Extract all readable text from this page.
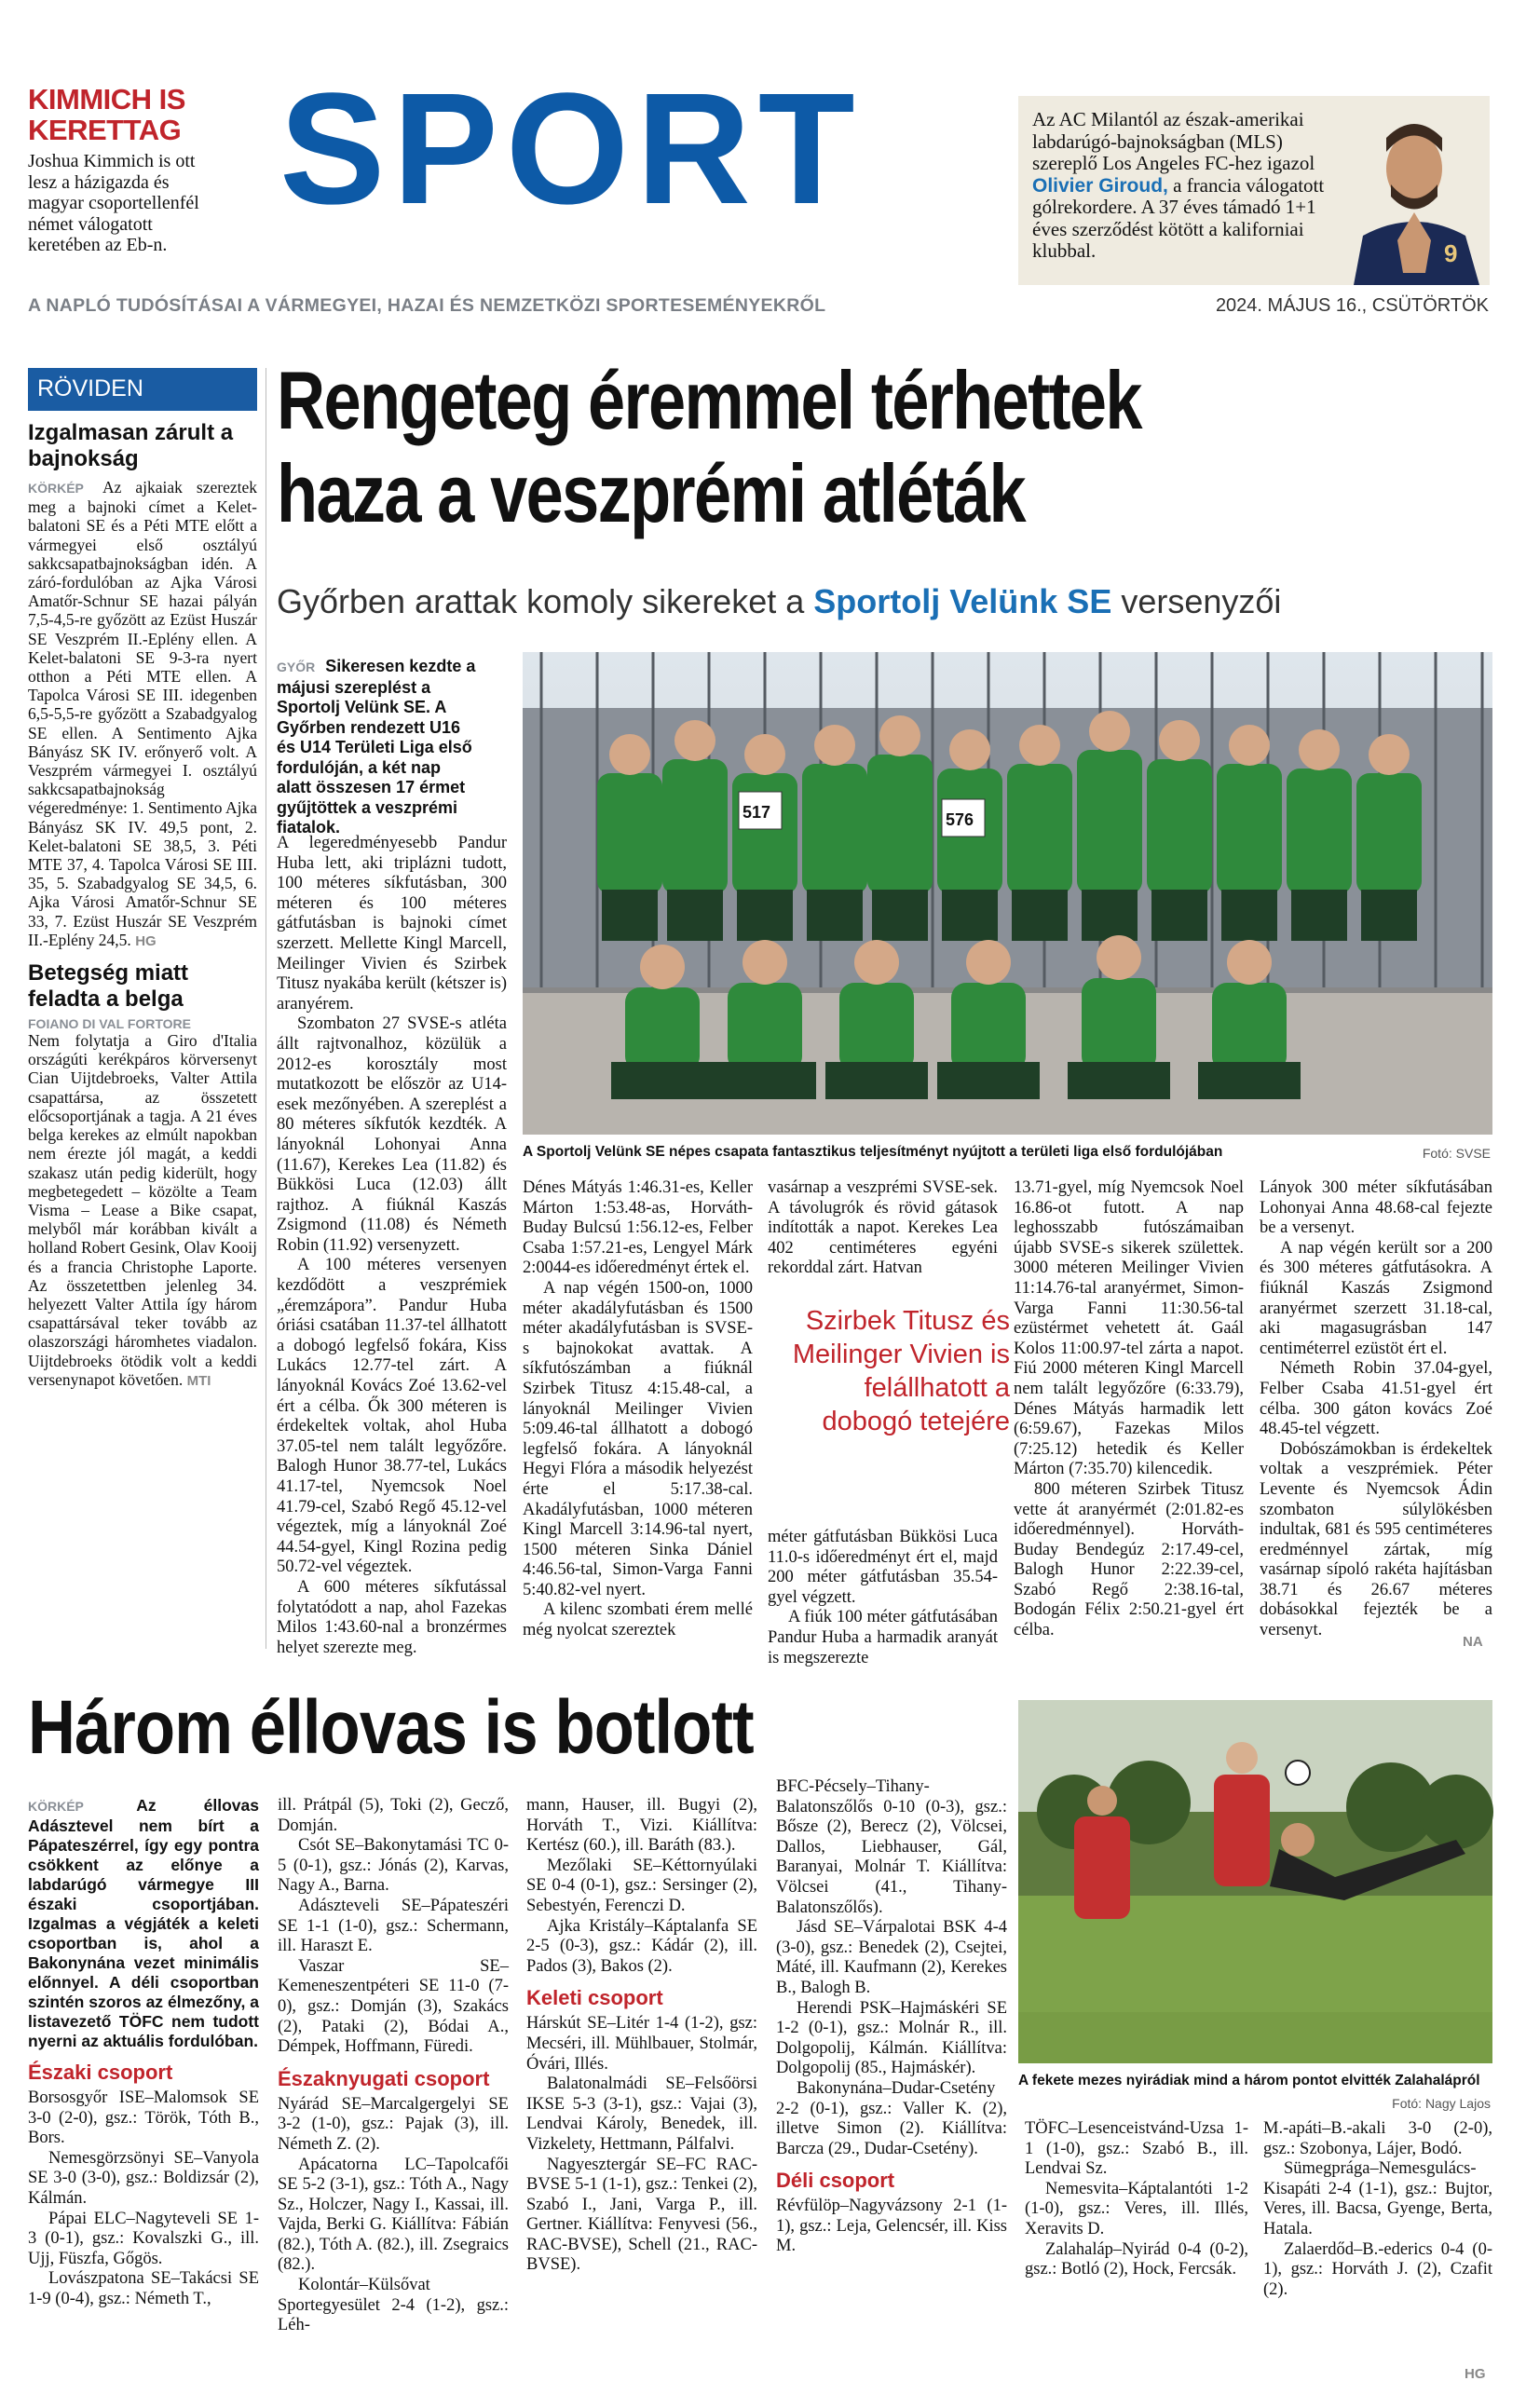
KIMMICH IS KERETTAG
Joshua Kimmich is ott lesz a házigazda és magyar csoportellenfél német válogatott keretében az Eb-n.
SPORT	Az AC Milantól az észak-amerikai labdarúgó-bajnokságban (MLS) szereplő Los Angeles FC-hez igazol Olivier Giroud, a francia válogatott gólrekordere. A 37 éves támadó 1+1 éves szerződést kötött a kaliforniai klubbal.	9
A NAPLÓ TUDÓSÍTÁSAI A VÁRMEGYEI, HAZAI ÉS NEMZETKÖZI SPORTESEMÉNYEKRŐL	2024. MÁJUS 16., CSÜTÖRTÖK
RÖVIDEN
Izgalmasan zárult a bajnokság

KÖRKÉP Az ajkaiak szereztek meg a bajnoki címet a Kelet-balatoni SE és a Péti MTE előtt a vármegyei első osztályú sakkcsapatbajnokságban idén. A záró-fordulóban az Ajka Városi Amatőr-Schnur SE hazai pályán 7,5-4,5-re győzött az Ezüst Huszár SE Veszprém II.-Eplény ellen. A Kelet-balatoni SE 9-3-ra nyert otthon a Péti MTE ellen. A Tapolca Városi SE III. idegenben 6,5-5,5-re győzött a Szabadgyalog SE ellen. A Sentimento Ajka Bányász SK IV. erőnyerő volt. A Veszprém vármegyei I. osztályú sakkcsapatbajnokság végeredménye: 1. Sentimento Ajka Bányász SK IV. 49,5 pont, 2. Kelet-balatoni SE 38,5, 3. Péti MTE 37, 4. Tapolca Városi SE III. 35, 5. Szabadgyalog SE 34,5, 6. Ajka Városi Amatőr-Schnur SE 33, 7. Ezüst Huszár SE Veszprém II.-Eplény 24,5. HG

Betegség miatt feladta a belga
FOIANO DI VAL FORTORE

Nem folytatja a Giro d'Italia országúti kerékpáros körversenyt Cian Uijtdebroeks, Valter Attila csapattársa, az összetett előcsoportjának a tagja. A 21 éves belga kerekes az elmúlt napokban nem érezte jól magát, a keddi szakasz után pedig kiderült, hogy megbetegedett – közölte a Team Visma – Lease a Bike csapat, melyből már korábban kivált a holland Robert Gesink, Olav Kooij és a francia Christophe Laporte. Az összetettben jelenleg 34. helyezett Valter Attila így három csapattársával teker tovább az olaszországi háromhetes viadalon. Uijtdebroeks ötödik volt a keddi versenynapot követően. MTI

Rengeteg éremmel térhettek haza a veszprémi atléták
Győrben arattak komoly sikereket a Sportolj Velünk SE versenyzői
GYŐR Sikeresen kezdte a májusi szereplést a Sportolj Velünk SE. A Győrben rendezett U16 és U14 Területi Liga első fordulóján, a két nap alatt összesen 17 érmet gyűjtöttek a veszprémi fiatalok.
517	576
A Sportolj Velünk SE népes csapata fantasztikus teljesítményt nyújtott a területi liga első fordulójában	Fotó: SVSE

A legeredményesebb Pandur Huba lett, aki triplázni tudott, 100 méteres síkfutásban, 300 méteren és 100 méteres gátfutásban is bajnoki címet szerzett. Mellette Kingl Marcell, Meilinger Vivien és Szirbek Titusz nyakába került (kétszer is) aranyérem.

Szombaton 27 SVSE-s atléta állt rajtvonalhoz, közülük a 2012-es korosztály most mutatkozott be először az U14-esek mezőnyében. A szereplést a 80 méteres síkfutók kezdték. A lányoknál Lohonyai Anna (11.67), Kerekes Lea (11.82) és Bükkösi Luca (12.03) állt rajthoz. A fiúknál Kaszás Zsigmond (11.08) és Németh Robin (11.92) versenyzett.

A 100 méteres versenyen kezdődött a veszprémiek „éremzápora”. Pandur Huba óriási csatában 11.37-tel állhatott a dobogó legfelső fokára, Kiss Lukács 12.77-tel zárt. A lányoknál Kovács Zoé 13.62-vel ért a célba. Ők 300 méteren is érdekeltek voltak, ahol Huba 37.05-tel nem talált legyőzőre. Balogh Hunor 38.77-tel, Lukács 41.17-tel, Nyemcsok Noel 41.79-cel, Szabó Regő 45.12-vel végeztek, míg a lányoknál Zoé 44.54-gyel, Kingl Rozina pedig 50.72-vel végeztek.

A 600 méteres síkfutással folytatódott a nap, ahol Fazekas Milos 1:43.60-nal a bronzérmes helyet szerezte meg.

Dénes Mátyás 1:46.31-es, Keller Márton 1:53.48-as, Horváth-Buday Bulcsú 1:56.12-es, Felber Csaba 1:57.21-es, Lengyel Márk 2:0044-es időeredményt értek el.

A nap végén 1500-on, 1000 méter akadályfutásban és 1500 méter akadályfutásban is SVSE-s bajnokokat avattak. A síkfutószámban a fiúknál Szirbek Titusz 4:15.48-cal, a lányoknál Meilinger Vivien 5:09.46-tal állhatott a dobogó legfelső fokára. A lányoknál Hegyi Flóra a második helyezést érte el 5:17.38-cal. Akadályfutásban, 1000 méteren Kingl Marcell 3:14.96-tal nyert, 1500 méteren Sinka Dániel 4:46.56-tal, Simon-Varga Fanni 5:40.82-vel nyert.

A kilenc szombati érem mellé még nyolcat szereztek

vasárnap a veszprémi SVSE-sek. A távolugrók és rövid gátasok indították a napot. Kerekes Lea 402 centiméteres egyéni rekorddal zárt. Hatvan

Szirbek Titusz és Meilinger Vivien is felállhatott a dobogó tetejére

méter gátfutásban Bükkösi Luca 11.0-s időeredményt ért el, majd 200 méter gátfutásban 35.54-gyel végzett.

A fiúk 100 méter gátfutásában Pandur Huba a harmadik aranyát is megszerezte

13.71-gyel, míg Nyemcsok Noel 16.86-ot futott. A nap leghosszabb futószámaiban újabb SVSE-s sikerek születtek. 3000 méteren Meilinger Vivien 11:14.76-tal aranyérmet, Simon-Varga Fanni 11:30.56-tal ezüstérmet vehetett át. Gaál Kolos 11:00.97-tel zárta a napot. Fiú 2000 méteren Kingl Marcell nem talált legyőzőre (6:33.79), Dénes Mátyás harmadik lett (6:59.67), Fazekas Milos (7:25.12) hetedik és Keller Márton (7:35.70) kilencedik.

800 méteren Szirbek Titusz vette át aranyérmét (2:01.82-es időeredménnyel). Horváth-Buday Bendegúz 2:17.49-cel, Balogh Hunor 2:22.39-cel, Szabó Regő 2:38.16-tal, Bodogán Félix 2:50.21-gyel ért célba.

Lányok 300 méter síkfutásában Lohonyai Anna 48.68-cal fejezte be a versenyt.

A nap végén került sor a 200 és 300 méteres gátfutásokra. A fiúknál Kaszás Zsigmond aranyérmet szerzett 31.18-cal, aki magasugrásban 147 centiméterrel ezüstöt ért el.

Németh Robin 37.04-gyel, Felber Csaba 41.51-gyel ért célba. 300 gáton kovács Zoé 48.45-tel végzett.

Dobószámokban is érdekeltek voltak a veszprémiek. Péter Levente és Nyemcsok Ádin szombaton súlylökésben indultak, 681 és 595 centiméteres eredménnyel zártak, míg vasárnap sípoló rakéta hajításban 38.71 és 26.67 méteres dobásokkal fejezték be a versenyt.

NA
Három éllovas is botlott
A fekete mezes nyirádiak mind a három pontot elvitték Zalahalápról
Fotó: Nagy Lajos
KÖRKÉP	Az éllovas Adásztevel nem bírt a Pápateszérrel, így egy pontra csökkent az előnye a labdarúgó vármegye III északi csoportjában. Izgalmas a végjáték a keleti csoportban is, ahol a Bakonynána vezet minimális előnnyel. A déli csoportban szintén szoros az élmezőny, a listavezető TÖFC nem tudott nyerni az aktuális fordulóban.
Északi csoport

Borsosgyőr ISE–Malomsok SE 3-0 (2-0), gsz.: Török, Tóth B., Bors.

Nemesgörzsönyi SE–Vanyola SE 3-0 (3-0), gsz.: Boldizsár (2), Kálmán.

Pápai ELC–Nagyteveli SE 1-3 (0-1), gsz.: Kovalszki G., ill. Ujj, Füszfa, Gőgös.

Lovászpatona SE–Takácsi SE 1-9 (0-4), gsz.: Németh T.,

ill. Prátpál (5), Toki (2), Gecző, Domján.

Csót SE–Bakonytamási TC 0-5 (0-1), gsz.: Jónás (2), Karvas, Nagy A., Barna.

Adászteveli SE–Pápateszéri SE 1-1 (1-0), gsz.: Schermann, ill. Haraszt E.

Vaszar SE–Kemeneszentpéteri SE 11-0 (7-0), gsz.: Domján (3), Szakács (2), Pataki (2), Bódai A., Démpek, Hoffmann, Füredi.

Északnyugati csoport

Nyárád SE–Marcalgergelyi SE 3-2 (1-0), gsz.: Pajak (3), ill. Németh Z. (2).

Apácatorna LC–Tapolcafői SE 5-2 (3-1), gsz.: Tóth A., Nagy Sz., Holczer, Nagy I., Kassai, ill. Vajda, Berki G. Kiállítva: Fábián (82.), Tóth A. (82.), ill. Zsegraics (82.).

Kolontár–Külsővat Sportegyesület 2-4 (1-2), gsz.: Léh-

mann, Hauser, ill. Bugyi (2), Horváth T., Vizi. Kiállítva: Kertész (60.), ill. Baráth (83.).

Mezőlaki SE–Kéttornyúlaki SE 0-4 (0-1), gsz.: Sersinger (2), Sebestyén, Ferenczi D.

Ajka Kristály–Káptalanfa SE 2-5 (0-3), gsz.: Kádár (2), ill. Pados (3), Bakos (2).

Keleti csoport

Hárskút SE–Litér 1-4 (1-2), gsz: Mecséri, ill. Mühlbauer, Stolmár, Óvári, Illés.

Balatonalmádi SE–Felsőörsi IKSE 5-3 (3-1), gsz.: Vajai (3), Lendvai Károly, Benedek, ill. Vizkelety, Hettmann, Pálfalvi.

Nagyesztergár SE–FC RAC-BVSE 5-1 (1-1), gsz.: Tenkei (2), Szabó I., Jani, Varga P., ill. Gertner. Kiállítva: Fenyvesi (56., RAC-BVSE), Schell (21., RAC-BVSE).

BFC-Pécsely–Tihany-Balatonszőlős 0-10 (0-3), gsz.: Bősze (2), Berecz (2), Völcsei, Dallos, Liebhauser, Gál, Baranyai, Molnár T. Kiállítva: Völcsei (41., Tihany-Balatonszőlős).

Jásd SE–Várpalotai BSK 4-4 (3-0), gsz.: Benedek (2), Csejtei, Máté, ill. Kaufmann (2), Kerekes B., Balogh B.

Herendi PSK–Hajmáskéri SE 1-2 (0-1), gsz.: Molnár R., ill. Dolgopolij, Kálmán. Kiállítva: Dolgopolij (85., Hajmáskér).

Bakonynána–Dudar-Csetény 2-2 (0-1), gsz.: Valler K. (2), illetve Simon (2). Kiállítva: Barcza (29., Dudar-Csetény).

Déli csoport

Révfülöp–Nagyvázsony 2-1 (1-1), gsz.: Leja, Gelencsér, ill. Kiss M.

TÖFC–Lesenceistvánd-Uzsa 1-1 (1-0), gsz.: Szabó B., ill. Lendvai Sz.

Nemesvita–Káptalantóti 1-2 (1-0), gsz.: Veres, ill. Illés, Xeravits D.

Zalahaláp–Nyirád 0-4 (0-2), gsz.: Botló (2), Hock, Fercsák.

M.-apáti–B.-akali 3-0 (2-0), gsz.: Szobonya, Lájer, Bodó.

Sümegprága–Nemesgulács-Kisapáti 2-4 (1-1), gsz.: Bujtor, Veres, ill. Bacsa, Gyenge, Berta, Hatala.

Zalaerdőd–B.-ederics 0-4 (0-1), gsz.: Horváth J. (2), Czafit (2).

HG
